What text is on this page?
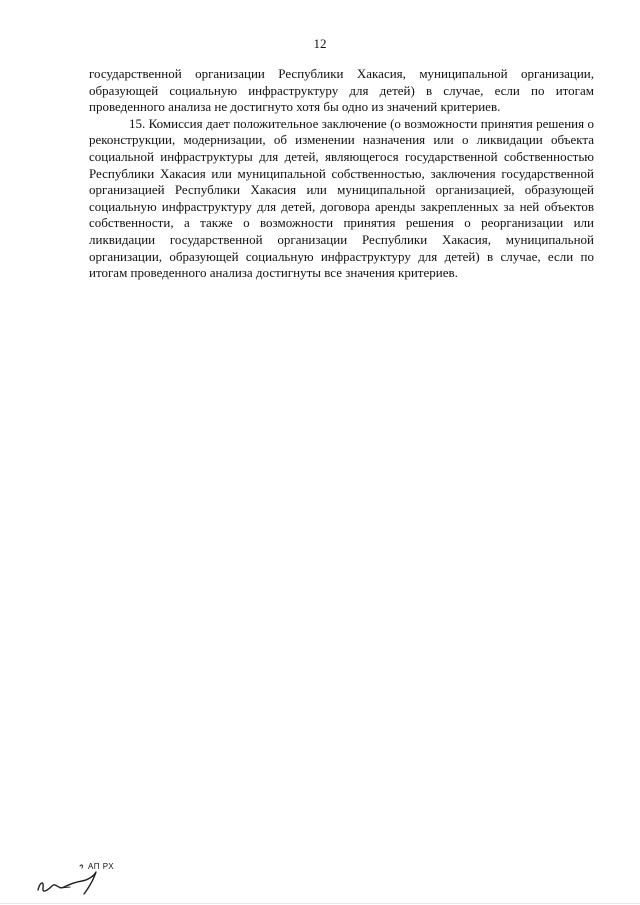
12

государственной организации Республики Хакасия, муниципальной организации, образующей социальную инфраструктуру для детей) в случае, если по итогам проведенного анализа не достигнуто хотя бы одно из значений критериев.

15. Комиссия дает положительное заключение (о возможности принятия решения о реконструкции, модернизации, об изменении назначения или о ликвидации объекта социальной инфраструктуры для детей, являющегося государственной собственностью Республики Хакасия или муниципальной собственностью, заключения государственной организацией Республики Хакасия или муниципальной организацией, образующей социальную инфраструктуру для детей, договора аренды закрепленных за ней объектов собственности, а также о возможности принятия решения о реорганизации или ликвидации государственной организации Республики Хакасия, муниципальной организации, образующей социальную инфраструктуру для детей) в случае, если по итогам проведенного анализа достигнуты все значения критериев.

АП РХ
